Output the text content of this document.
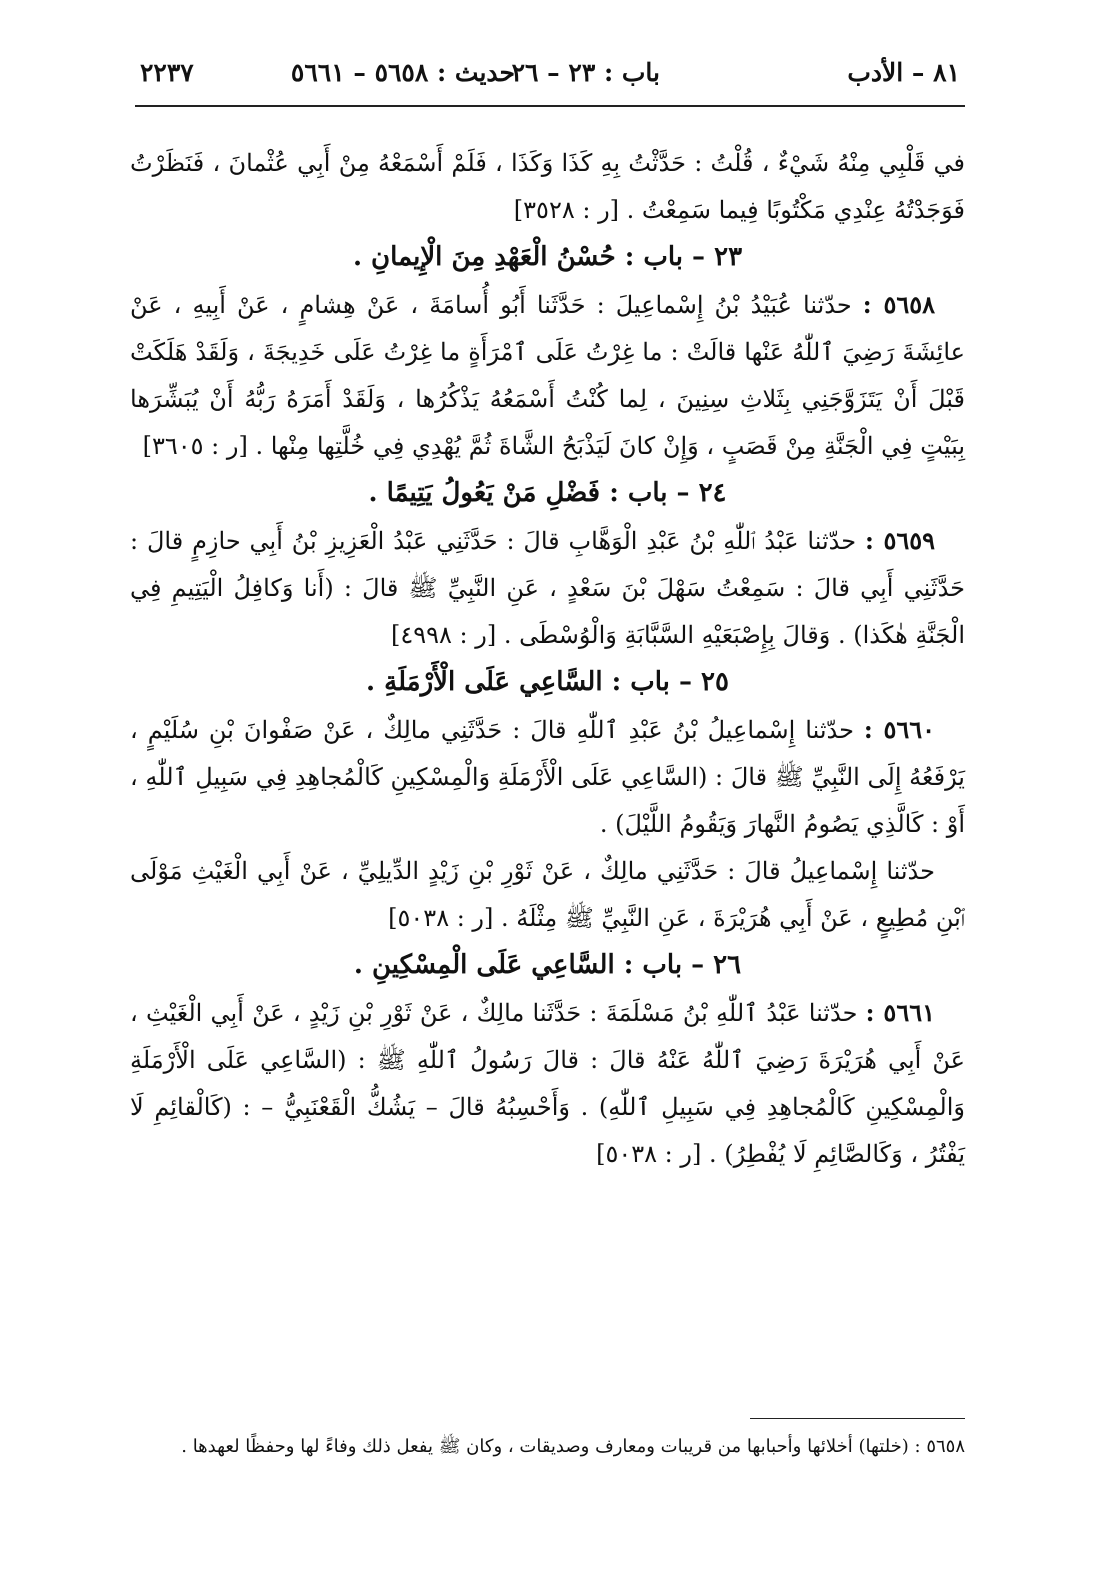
٨١ – الأدب
باب : ٢٣ – ٢٦
حديث : ٥٦٥٨ – ٥٦٦١
٢٢٣٧

في قَلْبِي مِنْهُ شَيْءٌ ، قُلْتُ : حَدَّثْتُ بِهِ كَذَا وَكَذَا ، فَلَمْ أَسْمَعْهُ مِنْ أَبِي عُثْمانَ ، فَنَظَرْتُ فَوَجَدْتُهُ عِنْدِي مَكْتُوبًا فِيما سَمِعْتُ . [ر : ٣٥٢٨]

٢٣ – باب : حُسْنُ الْعَهْدِ مِنَ الْإِيمانِ .

٥٦٥٨ : حدّثنا عُبَيْدُ بْنُ إِسْماعِيلَ : حَدَّثَنا أَبُو أُسامَةَ ، عَنْ هِشامٍ ، عَنْ أَبِيهِ ، عَنْ عائِشَةَ رَضِيَ ٱللّٰهُ عَنْها قالَتْ : ما غِرْتُ عَلَى ٱمْرَأَةٍ ما غِرْتُ عَلَى خَدِيجَةَ ، وَلَقَدْ هَلَكَتْ قَبْلَ أَنْ يَتَزَوَّجَنِي بِثَلاثِ سِنِينَ ، لِما كُنْتُ أَسْمَعُهُ يَذْكُرُها ، وَلَقَدْ أَمَرَهُ رَبُّهُ أَنْ يُبَشِّرَها بِبَيْتٍ فِي الْجَنَّةِ مِنْ قَصَبٍ ، وَإِنْ كانَ لَيَذْبَحُ الشَّاةَ ثُمَّ يُهْدِي فِي خُلَّتِها مِنْها . [ر : ٣٦٠٥]

٢٤ – باب : فَضْلِ مَنْ يَعُولُ يَتِيمًا .

٥٦٥٩ : حدّثنا عَبْدُ ٱللّٰهِ بْنُ عَبْدِ الْوَهَّابِ قالَ : حَدَّثَنِي عَبْدُ الْعَزِيزِ بْنُ أَبِي حازِمٍ قالَ : حَدَّثَنِي أَبِي قالَ : سَمِعْتُ سَهْلَ بْنَ سَعْدٍ ، عَنِ النَّبِيِّ ﷺ قالَ : (أَنا وَكافِلُ الْيَتِيمِ فِي الْجَنَّةِ هٰكَذا) . وَقالَ بِإِصْبَعَيْهِ السَّبَّابَةِ وَالْوُسْطَى . [ر : ٤٩٩٨]

٢٥ – باب : السَّاعِي عَلَى الْأَرْمَلَةِ .

٥٦٦٠ : حدّثنا إِسْماعِيلُ بْنُ عَبْدِ ٱللّٰهِ قالَ : حَدَّثَنِي مالِكٌ ، عَنْ صَفْوانَ بْنِ سُلَيْمٍ ، يَرْفَعُهُ إِلَى النَّبِيِّ ﷺ قالَ : (السَّاعِي عَلَى الْأَرْمَلَةِ وَالْمِسْكِينِ كَالْمُجاهِدِ فِي سَبِيلِ ٱللّٰهِ ، أَوْ : كَالَّذِي يَصُومُ النَّهارَ وَيَقُومُ اللَّيْلَ) .

حدّثنا إِسْماعِيلُ قالَ : حَدَّثَنِي مالِكٌ ، عَنْ ثَوْرِ بْنِ زَيْدٍ الدِّيلِيِّ ، عَنْ أَبِي الْغَيْثِ مَوْلَى ٱبْنِ مُطِيعٍ ، عَنْ أَبِي هُرَيْرَةَ ، عَنِ النَّبِيِّ ﷺ مِثْلَهُ . [ر : ٥٠٣٨]

٢٦ – باب : السَّاعِي عَلَى الْمِسْكِينِ .

٥٦٦١ : حدّثنا عَبْدُ ٱللّٰهِ بْنُ مَسْلَمَةَ : حَدَّثَنا مالِكٌ ، عَنْ ثَوْرِ بْنِ زَيْدٍ ، عَنْ أَبِي الْغَيْثِ ، عَنْ أَبِي هُرَيْرَةَ رَضِيَ ٱللّٰهُ عَنْهُ قالَ : قالَ رَسُولُ ٱللّٰهِ ﷺ : (السَّاعِي عَلَى الْأَرْمَلَةِ وَالْمِسْكِينِ كَالْمُجاهِدِ فِي سَبِيلِ ٱللّٰهِ) . وَأَحْسِبُهُ قالَ – يَشُكُّ الْقَعْنَبِيُّ – : (كَالْقائِمِ لَا يَفْتُرُ ، وَكَالصَّائِمِ لَا يُفْطِرُ) . [ر : ٥٠٣٨]

٥٦٥٨ : (خلتها) أخلائها وأحبابها من قريبات ومعارف وصديقات ، وكان ﷺ يفعل ذلك وفاءً لها وحفظًا لعهدها .
